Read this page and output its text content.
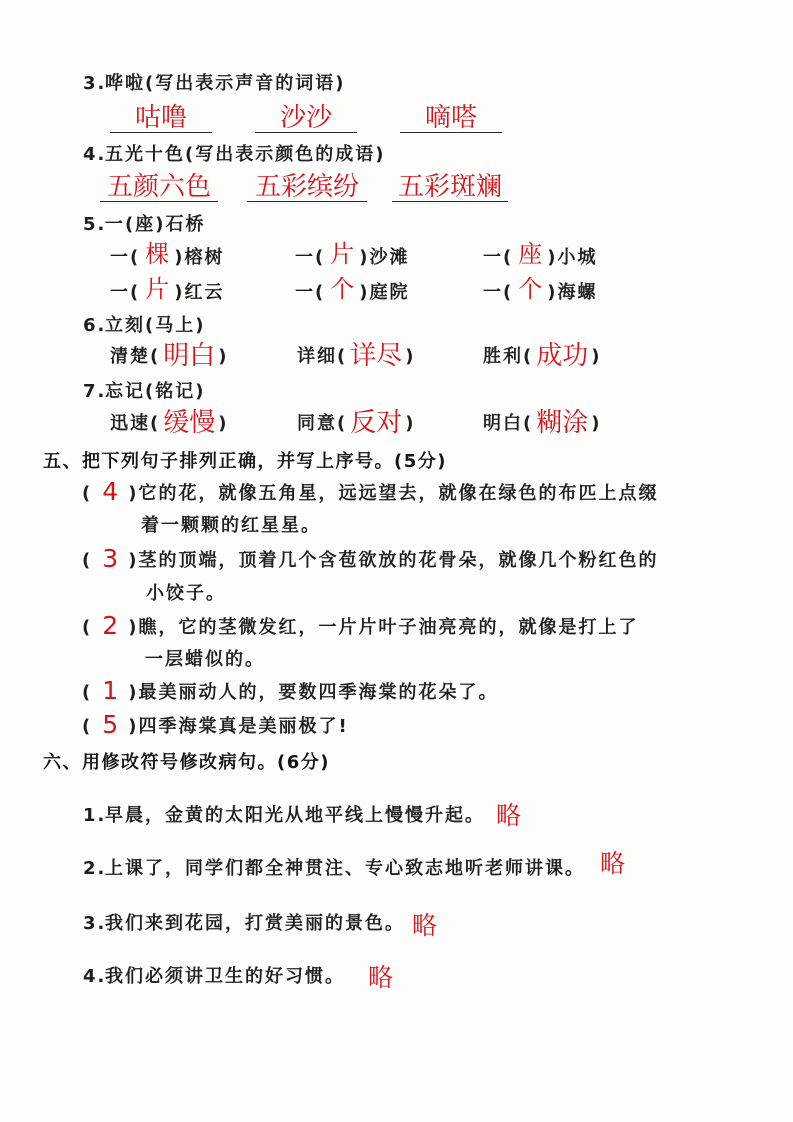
3.
哗啦(写出表示声音的词语)
咕噜	沙沙	嘀嗒
4.
五光十色(写出表示颜色的成语)
五颜六色	五彩缤纷	五彩斑斓
5.
一(座)石桥
一( 棵 )榕树	一( 片 )沙滩	一( 座 )小城
一( 片 )红云	一( 个 )庭院	一( 个 )海螺
6.
立刻(马上)
清楚( 明白 )	详细( 详尽 )	胜利( 成功 )
7.
忘记(铭记)
迅速( 缓慢 )	同意( 反对 )	明白( 糊涂 )
五、把下列句子排列正确，并写上序号。(5分)
( 4 ) 它的花，就像五角星，远远望去，就像在绿色的布匹上点缀
着一颗颗的红星星。
( 3 ) 茎的顶端，顶着几个含苞欲放的花骨朵，就像几个粉红色的
小饺子。
( 2 ) 瞧，它的茎微发红，一片片叶子油亮亮的，就像是打上了
一层蜡似的。
( 1 ) 最美丽动人的，要数四季海棠的花朵了。
( 5 ) 四季海棠真是美丽极了!
六、用修改符号修改病句。(6分)
1.
早晨，金黄的太阳光从地平线上慢慢升起。 略
2.
上课了，同学们都全神贯注、专心致志地听老师讲课。 略
3.
我们来到花园，打赏美丽的景色。 略
4.
我们必须讲卫生的好习惯。 略
